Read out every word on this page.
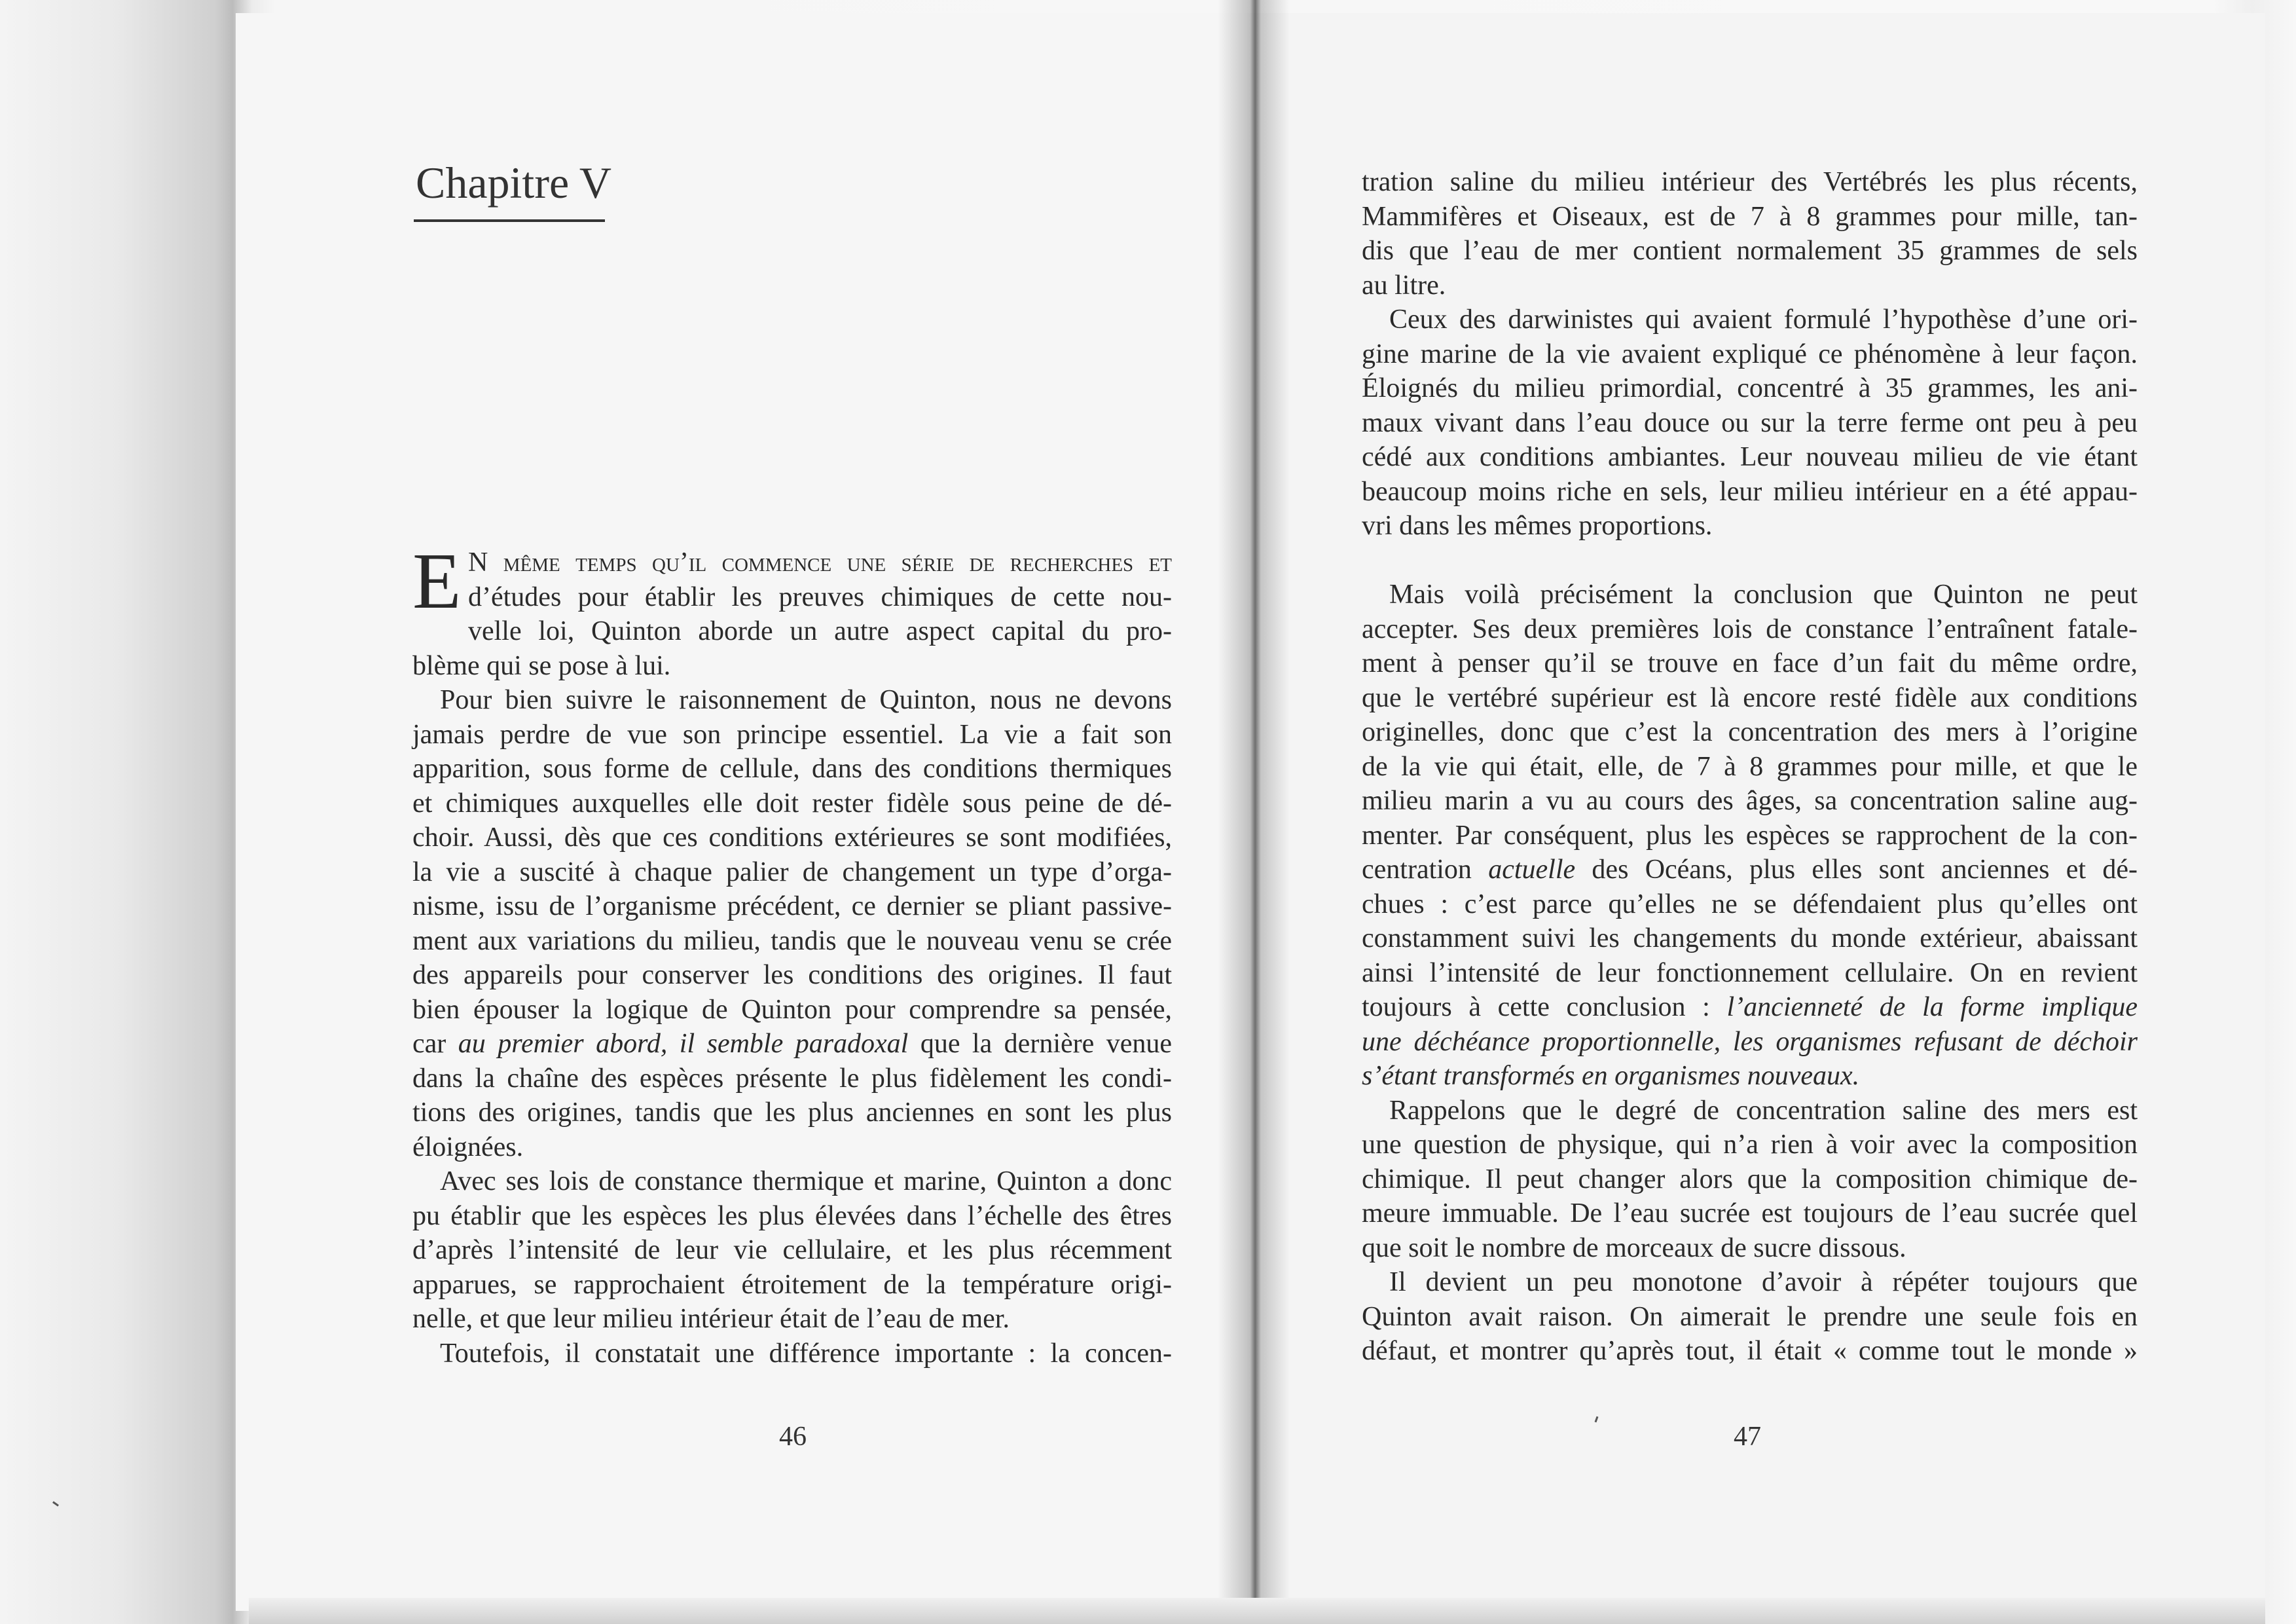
Chapitre V
E N même temps qu’il commence une série de recherches et
d’études pour établir les preuves chimiques de cette nou-
velle loi, Quinton aborde un autre aspect capital du pro-
blème qui se pose à lui.
Pour bien suivre le raisonnement de Quinton, nous ne devons
jamais perdre de vue son principe essentiel. La vie a fait son
apparition, sous forme de cellule, dans des conditions thermiques
et chimiques auxquelles elle doit rester fidèle sous peine de dé-
choir. Aussi, dès que ces conditions extérieures se sont modifiées,
la vie a suscité à chaque palier de changement un type d’orga-
nisme, issu de l’organisme précédent, ce dernier se pliant passive-
ment aux variations du milieu, tandis que le nouveau venu se crée
des appareils pour conserver les conditions des origines. Il faut
bien épouser la logique de Quinton pour comprendre sa pensée,
car au premier abord, il semble paradoxal que la dernière venue
dans la chaîne des espèces présente le plus fidèlement les condi-
tions des origines, tandis que les plus anciennes en sont les plus
éloignées.
Avec ses lois de constance thermique et marine, Quinton a donc
pu établir que les espèces les plus élevées dans l’échelle des êtres
d’après l’intensité de leur vie cellulaire, et les plus récemment
apparues, se rapprochaient étroitement de la température origi-
nelle, et que leur milieu intérieur était de l’eau de mer.
Toutefois, il constatait une différence importante : la concen-
tration saline du milieu intérieur des Vertébrés les plus récents,
Mammifères et Oiseaux, est de 7 à 8 grammes pour mille, tan-
dis que l’eau de mer contient normalement 35 grammes de sels
au litre.
Ceux des darwinistes qui avaient formulé l’hypothèse d’une ori-
gine marine de la vie avaient expliqué ce phénomène à leur façon.
Éloignés du milieu primordial, concentré à 35 grammes, les ani-
maux vivant dans l’eau douce ou sur la terre ferme ont peu à peu
cédé aux conditions ambiantes. Leur nouveau milieu de vie étant
beaucoup moins riche en sels, leur milieu intérieur en a été appau-
vri dans les mêmes proportions.
Mais voilà précisément la conclusion que Quinton ne peut
accepter. Ses deux premières lois de constance l’entraînent fatale-
ment à penser qu’il se trouve en face d’un fait du même ordre,
que le vertébré supérieur est là encore resté fidèle aux conditions
originelles, donc que c’est la concentration des mers à l’origine
de la vie qui était, elle, de 7 à 8 grammes pour mille, et que le
milieu marin a vu au cours des âges, sa concentration saline aug-
menter. Par conséquent, plus les espèces se rapprochent de la con-
centration actuelle des Océans, plus elles sont anciennes et dé-
chues : c’est parce qu’elles ne se défendaient plus qu’elles ont
constamment suivi les changements du monde extérieur, abaissant
ainsi l’intensité de leur fonctionnement cellulaire. On en revient
toujours à cette conclusion : l’ancienneté de la forme implique
une déchéance proportionnelle, les organismes refusant de déchoir
s’étant transformés en organismes nouveaux.
Rappelons que le degré de concentration saline des mers est
une question de physique, qui n’a rien à voir avec la composition
chimique. Il peut changer alors que la composition chimique de-
meure immuable. De l’eau sucrée est toujours de l’eau sucrée quel
que soit le nombre de morceaux de sucre dissous.
Il devient un peu monotone d’avoir à répéter toujours que
Quinton avait raison. On aimerait le prendre une seule fois en
défaut, et montrer qu’après tout, il était « comme tout le monde »

46	47
